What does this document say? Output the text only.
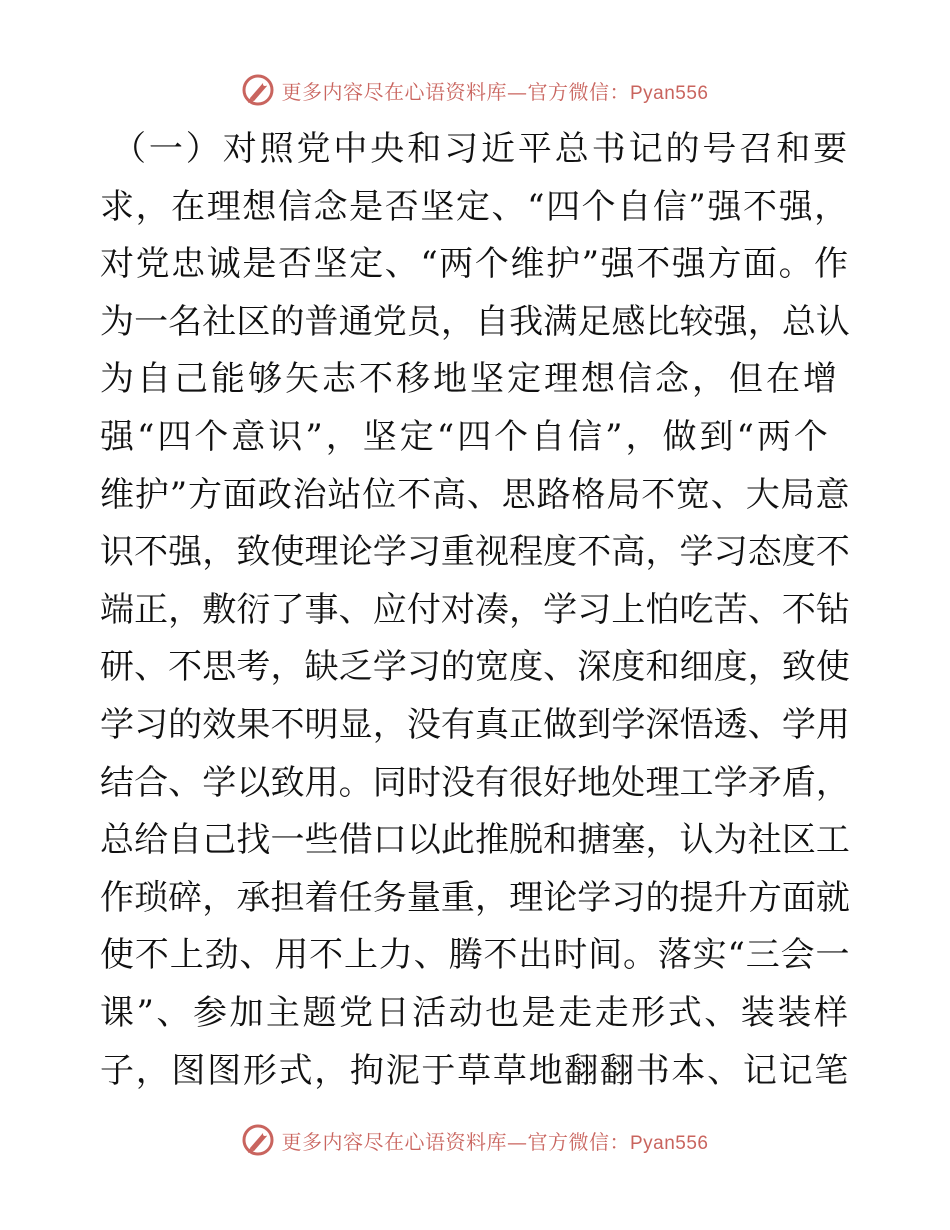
更多内容尽在心语资料库—官方微信：Pyan556
（一）对照党中央和习近平总书记的号召和要
求，在理想信念是否坚定、“四个自信”强不强，
对党忠诚是否坚定、“两个维护”强不强方面。作
为一名社区的普通党员，自我满足感比较强，总认
为自己能够矢志不移地坚定理想信念，但在增
强“四个意识”，坚定“四个自信”，做到“两个
维护”方面政治站位不高、思路格局不宽、大局意
识不强，致使理论学习重视程度不高，学习态度不
端正，敷衍了事、应付对凑，学习上怕吃苦、不钻
研、不思考，缺乏学习的宽度、深度和细度，致使
学习的效果不明显，没有真正做到学深悟透、学用
结合、学以致用。同时没有很好地处理工学矛盾，
总给自己找一些借口以此推脱和搪塞，认为社区工
作琐碎，承担着任务量重，理论学习的提升方面就
使不上劲、用不上力、腾不出时间。落实“三会一
课”、参加主题党日活动也是走走形式、装装样
子，图图形式，拘泥于草草地翻翻书本、记记笔
更多内容尽在心语资料库—官方微信：Pyan556
